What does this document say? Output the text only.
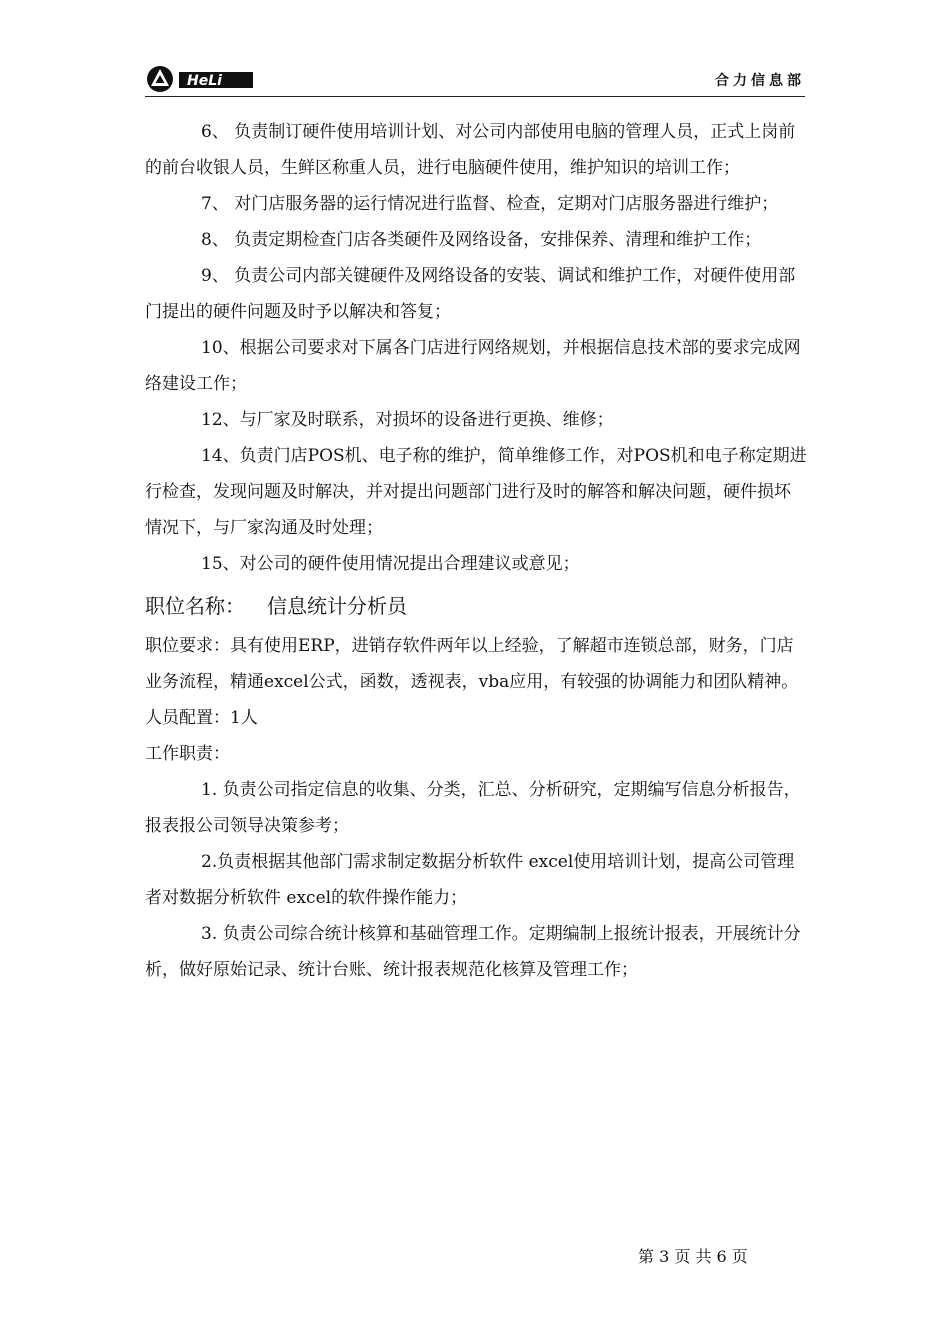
HeLi	合力信息部

6、 负责制订硬件使用培训计划、对公司内部使用电脑的管理人员，正式上岗前的前台收银人员，生鲜区称重人员，进行电脑硬件使用，维护知识的培训工作；

7、 对门店服务器的运行情况进行监督、检查，定期对门店服务器进行维护；

8、 负责定期检查门店各类硬件及网络设备，安排保养、清理和维护工作；

9、 负责公司内部关键硬件及网络设备的安装、调试和维护工作，对硬件使用部门提出的硬件问题及时予以解决和答复；

10、根据公司要求对下属各门店进行网络规划，并根据信息技术部的要求完成网络建设工作；

12、与厂家及时联系，对损坏的设备进行更换、维修；

14、负责门店POS机、电子称的维护，简单维修工作，对POS机和电子称定期进行检查，发现问题及时解决，并对提出问题部门进行及时的解答和解决问题，硬件损坏情况下，与厂家沟通及时处理；

15、对公司的硬件使用情况提出合理建议或意见；

职位名称： 信息统计分析员

职位要求：具有使用ERP，进销存软件两年以上经验，了解超市连锁总部，财务，门店业务流程，精通excel公式，函数，透视表，vba应用，有较强的协调能力和团队精神。

人员配置：1人

工作职责：

1. 负责公司指定信息的收集、分类，汇总、分析研究，定期编写信息分析报告，报表报公司领导决策参考；

2.负责根据其他部门需求制定数据分析软件 excel使用培训计划，提高公司管理者对数据分析软件 excel的软件操作能力；

3. 负责公司综合统计核算和基础管理工作。定期编制上报统计报表，开展统计分析，做好原始记录、统计台账、统计报表规范化核算及管理工作；

第 3 页 共 6 页
